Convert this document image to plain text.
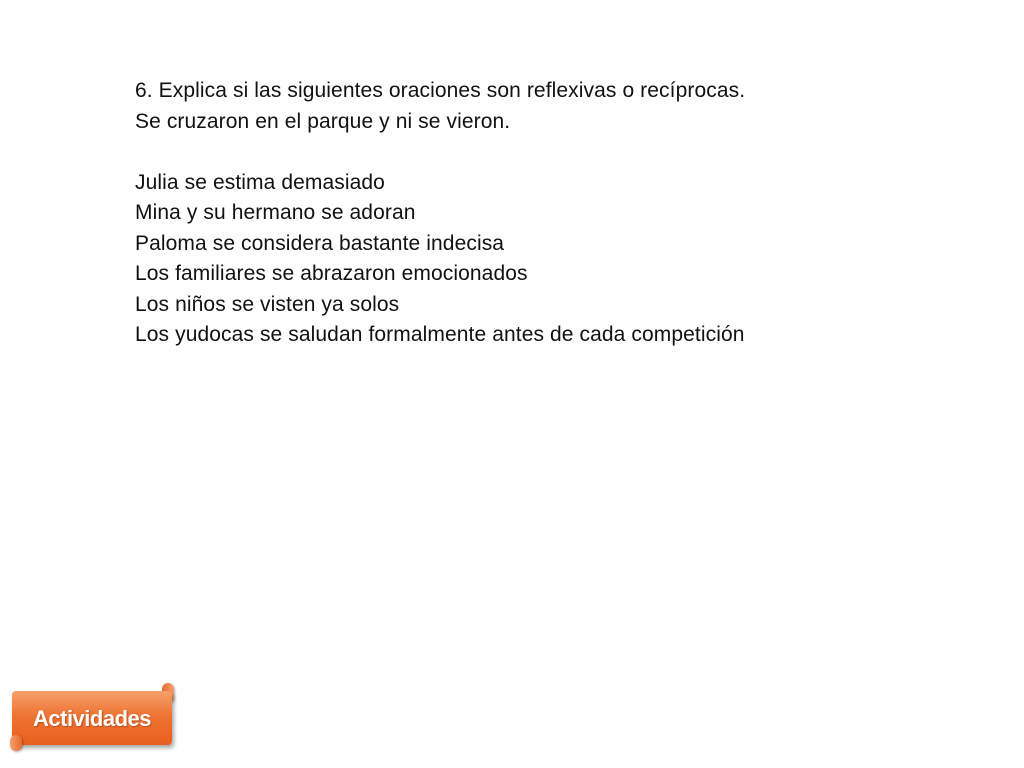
6. Explica si las siguientes oraciones son reflexivas o recíprocas.
Se cruzaron en el parque y ni se vieron.
Julia se estima demasiado
Mina y su hermano se adoran
Paloma se considera bastante indecisa
Los familiares se abrazaron emocionados
Los niños se visten ya solos
Los yudocas se saludan formalmente antes de cada competición
Actividades
